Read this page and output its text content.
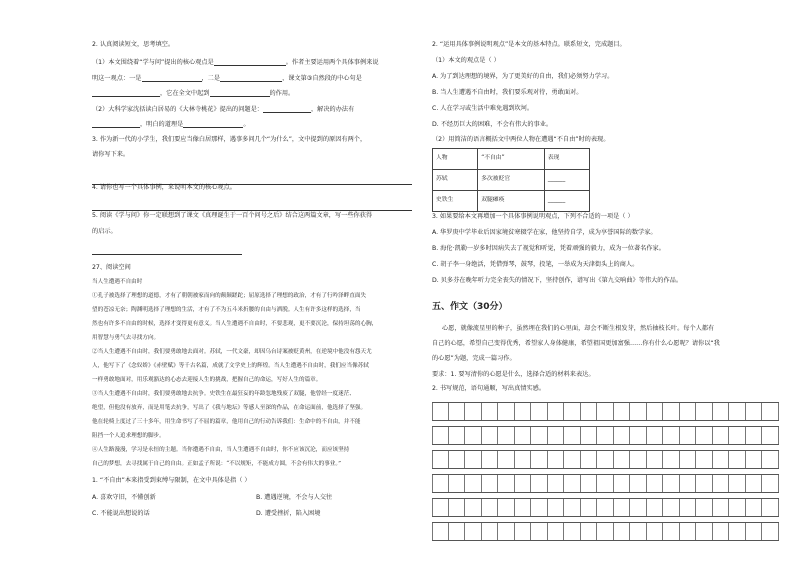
2. 认真阅读短文，思考填空。
（1）本文围绕着“学与问”提出的核心观点是	。作者主要运用两个具体事例来说
明这一观点：一是	，二是	，课文第③自然段的中心句是
，它在全文中起到	的作用。
（2）大科学家沈括读白居易的《大林寺桃花》提出的问题是：	，解决的办法有
，明白的道理是	。
3. 作为新一代的小学生，我们要应当像白居那样，遇事多问几个“为什么”，文中提到的原因有两个，
请你写下来。
4. 请你也写一个具体事例，来说明本文的核心观点。
5. 阅读《学与问》你一定联想到了课文《真理诞生于一百个问号之后》结合这两篇文章，写一些你获得
的启示。
27、阅读空间
当人生遭遇不自由时
①孔子被选择了理想的道德，才有了朝朝被家而向的颠颠蹉跎；屈原选择了理想的政治，才有了行吟泽畔直面失
望的苍凉无奈；陶渊明选择了理想的生活，才有了不为五斗米折腰的自由与洒脱。人生有许多这样的选择，当
然也有许多不自由的时候，选择才变得更有意义。当人生遭遇不自由时，不要悲观，更不要沉沦，保持坦荡的心胸，
用智慧与勇气去寻找方向。
②当人生遭遇不自由时，我们要勇敢地去面对。苏轼，一代文豪，却因乌台诗案被贬黄州，在逆境中他没有怨天尤
人，他写下了《念奴娇》《赤壁赋》等千古名篇，成就了文学史上的辉煌。当人生遭遇不自由时，我们应当像苏轼
一样勇敢地面对，用乐观豁达的心态去迎接人生的挑战，把握自己的命运，写好人生的篇章。
③当人生遭遇不自由时，我们要勇敢地去抗争。史铁生在最狂妄的年龄忽地残废了双腿，他曾经一度迷茫、
绝望，但他没有放弃，而是用笔去抗争，写出了《我与地坛》等感人至深的作品，在命运面前，他选择了坚强。
他在轮椅上度过了三十多年，用生命书写了不屈的篇章，他用自己的行动告诉我们：生命中的不自由，并不能
阻挡一个人追求理想的脚步。
④人生路漫漫，学习是永恒的主题。当你遭遇不自由，当人生遭遇不自由时，你不应该沉沦，而应该坚持
自己的梦想，去寻找属于自己的自由。正如孟子所说：“不以规矩，不能成方圆，不会有伟大的事业。”
1. “不自由”本来指受到束缚与限制，在文中具体是指（ ）
A. 喜欢守旧，不懂创新	B. 遭遇逆境，不会与人交往
C. 不能说出想说的话	D. 遭受挫折，陷入困境
2. “运用具体事例说明观点”是本文的基本特点。联系短文，完成题目。
（1）本文的观点是（ ）
A. 为了到达理想的境界，为了更美好的自由，我们必须努力学习。
B. 当人生遭遇不自由时，我们要乐观对待，勇敢面对。
C. 人在学习或生活中难免遇到坎坷。
D. 不经历巨大的困难，不会有伟大的事业。
（2）用简洁的语言概括文中两位人物在遭遇“不自由”时的表现。
人物	“不自由”	表现
苏轼	多次被贬官	______
史铁生	双腿瘫痪	______
3. 如果要给本文再增加一个具体事例说明观点，下列不合适的一项是（ ）
A. 华罗庚中学毕业后因家境贫寒辍学在家，他坚持自学，成为享誉国际的数学家。
B. 海伦·凯勒一岁多时因病失去了视觉和听觉，凭着顽强的毅力，成为一位著名作家。
C. 胡子李一身绝活，凭借弹琴，鼓琴，投笔，一举成为天津街头上的商人。
D. 贝多芬在晚年听力完全丧失的情况下，坚持创作，谱写出《第九交响曲》等伟大的作品。
五、作文（30分）
心愿，就像流星里的种子，虽然埋在我们的心里面，却会不断生根发芽，然后抽枝长叶。每个人都有
自己的心愿，希望自己变得优秀，希望家人身体健康，希望祖国更加富强……你有什么心愿呢？请你以“我
的心愿”为题，完成一篇习作。
要求：1. 要写清你的心愿是什么，选择合适的材料来表达。
2. 书写规范，语句通顺，写出真情实感。
